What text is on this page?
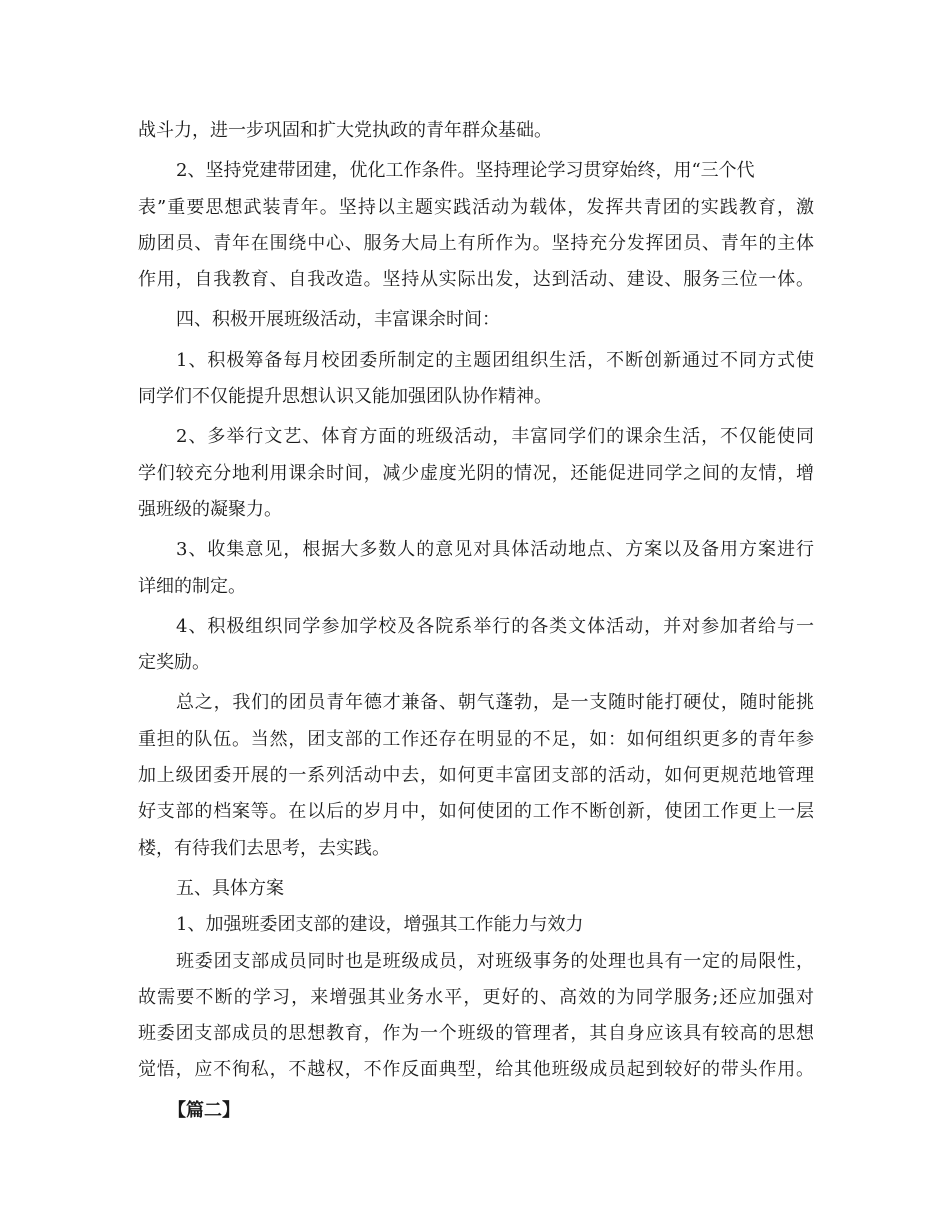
战斗力，进一步巩固和扩大党执政的青年群众基础。
2、坚持党建带团建，优化工作条件。坚持理论学习贯穿始终，用“三个代
表”重要思想武装青年。坚持以主题实践活动为载体，发挥共青团的实践教育，激
励团员、青年在围绕中心、服务大局上有所作为。坚持充分发挥团员、青年的主体
作用，自我教育、自我改造。坚持从实际出发，达到活动、建设、服务三位一体。
四、积极开展班级活动，丰富课余时间：
1、积极筹备每月校团委所制定的主题团组织生活，不断创新通过不同方式使
同学们不仅能提升思想认识又能加强团队协作精神。
2、多举行文艺、体育方面的班级活动，丰富同学们的课余生活，不仅能使同
学们较充分地利用课余时间，减少虚度光阴的情况，还能促进同学之间的友情，增
强班级的凝聚力。
3、收集意见，根据大多数人的意见对具体活动地点、方案以及备用方案进行
详细的制定。
4、积极组织同学参加学校及各院系举行的各类文体活动，并对参加者给与一
定奖励。
总之，我们的团员青年德才兼备、朝气蓬勃，是一支随时能打硬仗，随时能挑
重担的队伍。当然，团支部的工作还存在明显的不足，如：如何组织更多的青年参
加上级团委开展的一系列活动中去，如何更丰富团支部的活动，如何更规范地管理
好支部的档案等。在以后的岁月中，如何使团的工作不断创新，使团工作更上一层
楼，有待我们去思考，去实践。
五、具体方案
1、加强班委团支部的建设，增强其工作能力与效力
班委团支部成员同时也是班级成员，对班级事务的处理也具有一定的局限性，
故需要不断的学习，来增强其业务水平，更好的、高效的为同学服务;还应加强对
班委团支部成员的思想教育，作为一个班级的管理者，其自身应该具有较高的思想
觉悟，应不徇私，不越权，不作反面典型，给其他班级成员起到较好的带头作用。
【篇二】
